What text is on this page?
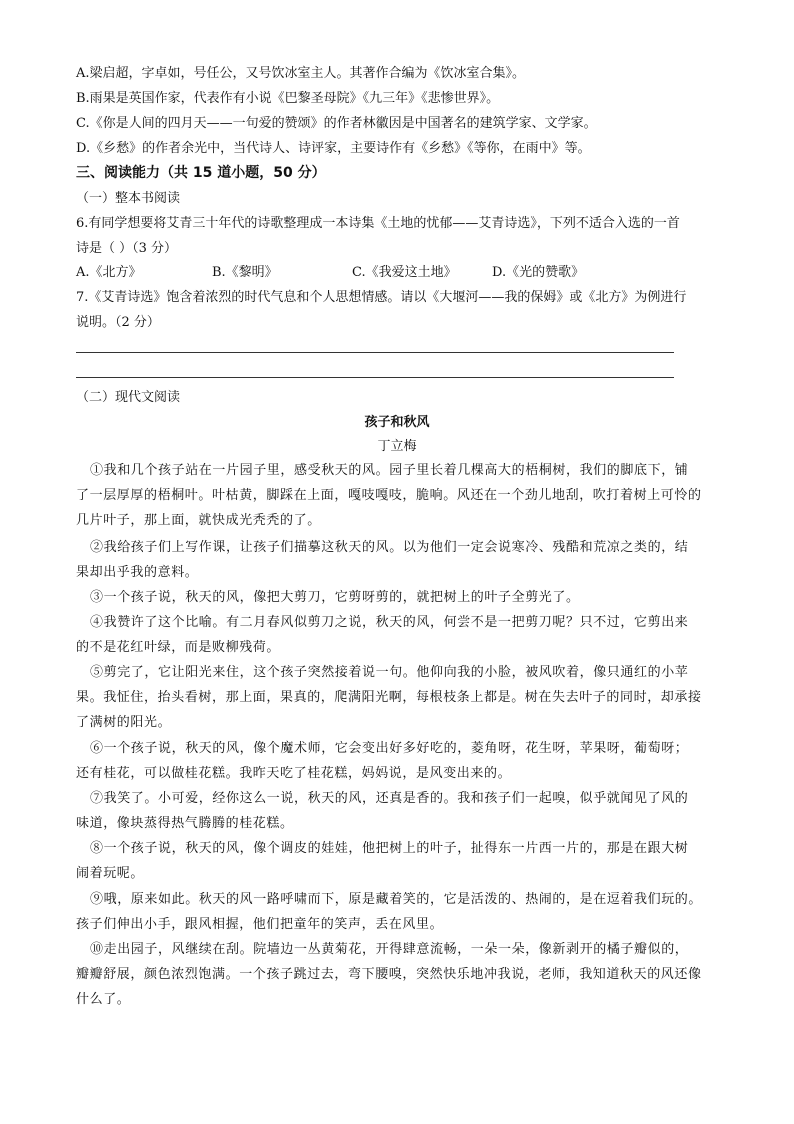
A.梁启超，字卓如，号任公，又号饮冰室主人。其著作合编为《饮冰室合集》。
B.雨果是英国作家，代表作有小说《巴黎圣母院》《九三年》《悲惨世界》。
C.《你是人间的四月天——一句爱的赞颂》的作者林徽因是中国著名的建筑学家、文学家。
D.《乡愁》的作者余光中，当代诗人、诗评家，主要诗作有《乡愁》《等你，在雨中》等。
三、阅读能力（共 15 道小题，50 分）
（一）整本书阅读
6.有同学想要将艾青三十年代的诗歌整理成一本诗集《土地的忧郁——艾青诗选》，下列不适合入选的一首
诗是（ ）（3 分）
A.《北方》	B.《黎明》	C.《我爱这土地》	D.《光的赞歌》
7.《艾青诗选》饱含着浓烈的时代气息和个人思想情感。请以《大堰河——我的保姆》或《北方》为例进行
说明。（2 分）
（二）现代文阅读
孩子和秋风
丁立梅
①我和几个孩子站在一片园子里，感受秋天的风。园子里长着几棵高大的梧桐树，我们的脚底下，铺
了一层厚厚的梧桐叶。叶枯黄，脚踩在上面，嘎吱嘎吱，脆响。风还在一个劲儿地刮，吹打着树上可怜的
几片叶子，那上面，就快成光秃秃的了。
②我给孩子们上写作课，让孩子们描摹这秋天的风。以为他们一定会说寒冷、残酷和荒凉之类的，结
果却出乎我的意料。
③一个孩子说，秋天的风，像把大剪刀，它剪呀剪的，就把树上的叶子全剪光了。
④我赞许了这个比喻。有二月春风似剪刀之说，秋天的风，何尝不是一把剪刀呢？只不过，它剪出来
的不是花红叶绿，而是败柳残荷。
⑤剪完了，它让阳光来住，这个孩子突然接着说一句。他仰向我的小脸，被风吹着，像只通红的小苹
果。我怔住，抬头看树，那上面，果真的，爬满阳光啊，每根枝条上都是。树在失去叶子的同时，却承接
了满树的阳光。
⑥一个孩子说，秋天的风，像个魔术师，它会变出好多好吃的，菱角呀，花生呀，苹果呀，葡萄呀；
还有桂花，可以做桂花糕。我昨天吃了桂花糕，妈妈说，是风变出来的。
⑦我笑了。小可爱，经你这么一说，秋天的风，还真是香的。我和孩子们一起嗅，似乎就闻见了风的
味道，像块蒸得热气腾腾的桂花糕。
⑧一个孩子说，秋天的风，像个调皮的娃娃，他把树上的叶子，扯得东一片西一片的，那是在跟大树
闹着玩呢。
⑨哦，原来如此。秋天的风一路呼啸而下，原是藏着笑的，它是活泼的、热闹的，是在逗着我们玩的。
孩子们伸出小手，跟风相握，他们把童年的笑声，丢在风里。
⑩走出园子，风继续在刮。院墙边一丛黄菊花，开得肆意流畅，一朵一朵，像新剥开的橘子瓣似的，
瓣瓣舒展，颜色浓烈饱满。一个孩子跳过去，弯下腰嗅，突然快乐地冲我说，老师，我知道秋天的风还像
什么了。
